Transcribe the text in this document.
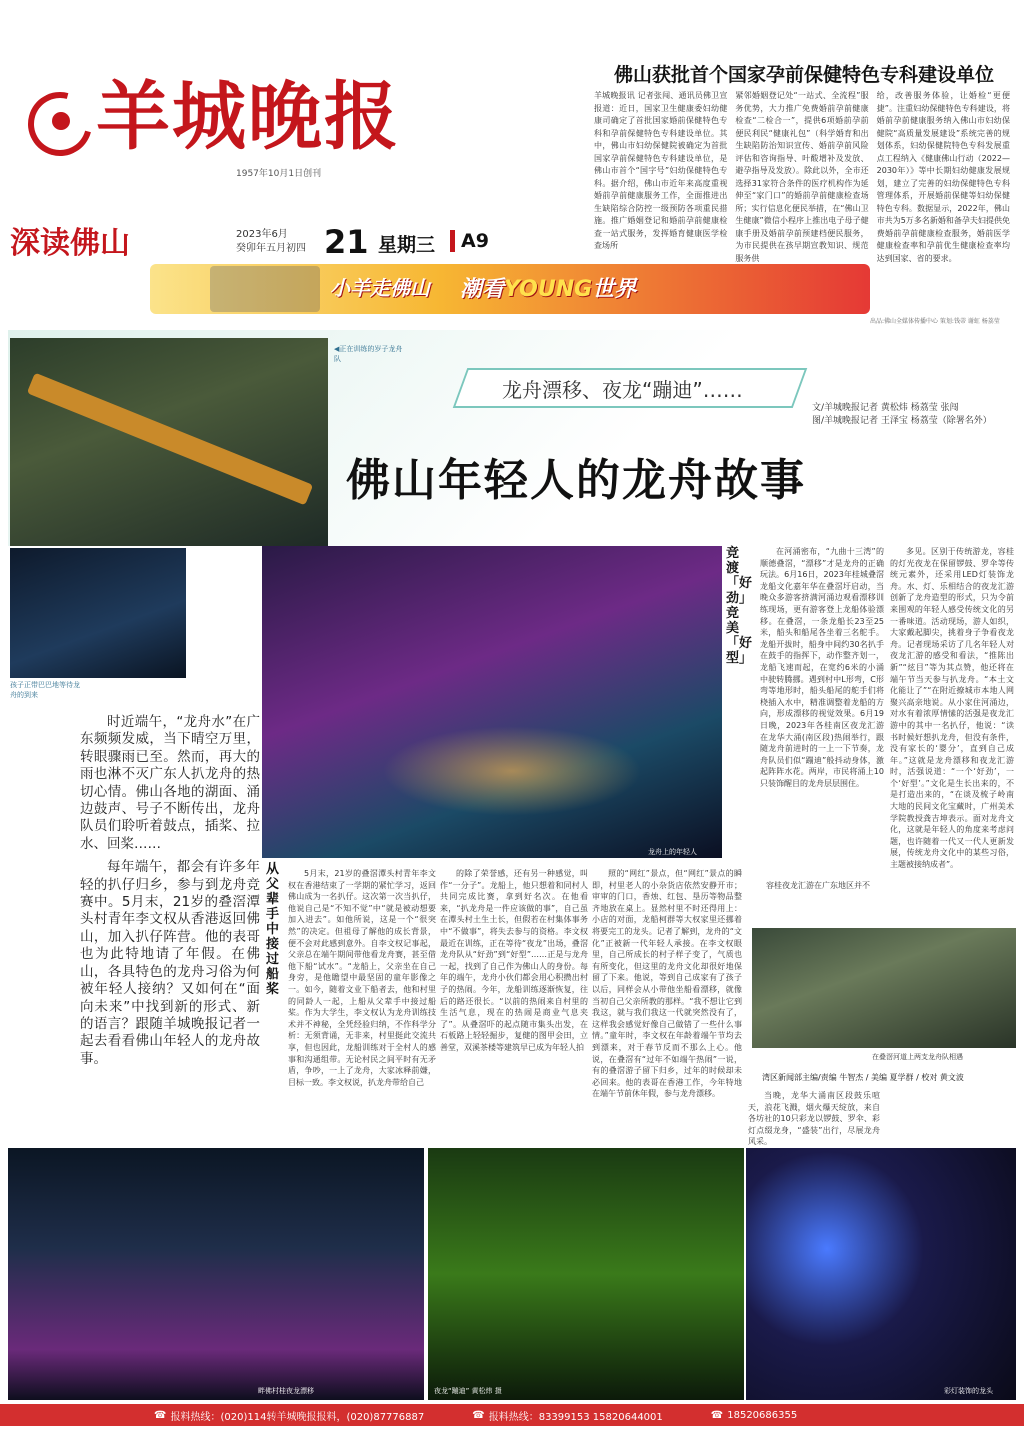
羊城晚报
1957年10月1日创刊
佛山获批首个国家孕前保健特色专科建设单位

羊城晚报讯 记者张闯、通讯员佛卫宣报道：近日，国家卫生健康委妇幼健康司确定了首批国家婚前保健特色专科和孕前保健特色专科建设单位。其中，佛山市妇幼保健院被确定为首批国家孕前保健特色专科建设单位，是佛山市首个“国字号”妇幼保健特色专科。据介绍，佛山市近年来高度重视婚前孕前健康服务工作，全面推进出生缺陷综合防控一级预防各项重民措施。推广婚姻登记和婚前孕前健康检查一站式服务，发挥婚育健康医学检查场所

紧邻婚姻登记处“一站式、全流程”服务优势，大力推广免费婚前孕前健康检查“二检合一”，提供6项婚前孕前便民利民“健康礼包”（科学婚育和出生缺陷防治知识宣传、婚前孕前风险评估和咨询指导、叶酸增补及发放、避孕指导及发放）。除此以外，全市还选择31家符合条件的医疗机构作为延伸至“家门口”的婚前孕前健康检查场所；实行信息化便民举措，在“佛山卫生健康”微信小程序上推出电子母子健康手册及婚前孕前预建档便民服务，为市民提供在孩早期宣教知识、规范服务供

给，改善服务体验，让婚检“更便捷”。注重妇幼保健特色专科建设，将婚前孕前健康服务纳入佛山市妇幼保健院“高质量发展建设”系统完善的规划体系，妇幼保健院特色专科发展重点工程纳入《健康佛山行动（2022—2030年）》等中长期妇幼健康发展规划，建立了完善的妇幼保健特色专科管理体系，开展婚前保健等妇幼保健特色专科。数据显示，2022年，佛山市共为5万多名新婚和备孕夫妇提供免费婚前孕前健康检查服务，婚前医学健康检查率和孕前优生健康检查率均达到国家、省的要求。

深读佛山	2023年6月
癸卯年五月初四 21 星期三	A9
小羊走佛山 潮看YOUNG世界
出品:佛山全媒体传播中心 策划:钱蒂 谢虹 杨荔莹
◀正在训练的岁子龙舟队
龙舟漂移、夜龙“蹦迪”……
文/羊城晚报记者 黄松炜 杨荔莹 张闯
图/羊城晚报记者 王泽宝 杨荔莹（除署名外）
佛山年轻人的龙舟故事
孩子正带巴巴地等待龙舟的到来
龙舟上的年轻人
竞渡「好劲」 竞美「好型」
从父辈手中接过船桨

时近端午，“龙舟水”在广东频频发威，当下晴空万里，转眼骤雨已至。然而，再大的雨也淋不灭广东人扒龙舟的热切心情。佛山各地的湖面、涌边鼓声、号子不断传出，龙舟队员们聆听着鼓点，插桨、拉水、回桨……

每年端午，都会有许多年轻的扒仔归乡，参与到龙舟竞赛中。5月末，21岁的叠滘潭头村青年李文权从香港返回佛山，加入扒仔阵营。他的表哥也为此特地请了年假。在佛山，各具特色的龙舟习俗为何被年轻人接纳？又如何在“面向未来”中找到新的形式、新的语言？跟随羊城晚报记者一起去看看佛山年轻人的龙舟故事。

5月末，21岁的叠滘潭头村青年李文权在香港结束了一学期的紧忙学习，返回佛山成为一名扒仔。这次第一次当扒仔，他说自己是“不知不觉”中“就是被动想要加入进去”。如他所说，这是一个“很突然”的决定。但祖母了解他的成长背景，便不会对此感到意外。自李文权记事起，父亲总在端午期间带他看龙舟赛，甚至借他下船“试水”。“龙船上，父亲坐在自己身旁，是他瞻望中最坚固的童年影像之一。如今，随着文业下船者去，他和村里的同龄人一起，上船从父辈手中接过船桨。作为大学生，李文权认为龙舟训练技术并不神秘，全凭经验归纳，不作科学分析：无须背诵，无非来，村里挺此交流共享，但也因此，龙船训练对于全村人的感事和沟通组带。无论村民之间平时有无矛盾，争吵，一上了龙舟，大家冰释前嫌，目标一致。李文权说，扒龙舟带给自己

的除了荣誉感，还有另一种感觉，叫作“一分子”。龙船上，他只想着和同村人共同完成比赛，拿到好名次。在他看来，“扒龙舟是一件应该做的事”，自己虽在潭头村土生土长，但假若在村集体事务中“不做事”，将失去参与的资格。李文权最近在训练，正在等待“夜龙”出场，叠滘龙舟队从“好劲”到“好型”……正是与龙舟一起，找到了自己作为佛山人的身份。每年的端午，龙舟小伙们都会用心积攒出村子的热闹。今年，龙船训练逐渐恢复，往后的路还很长。“以前的热闹来自村里的生活气息，现在的热闹是商业气息夹了”。从叠滘吓的起点随市集头出发，在石板路上轻轻掘步，复健的图甲会田，立善堂，双溪茶楼等建筑早已成为年轻人拍

照的“网红”景点，但“网红”景点的瞬即，村里老人的小杂货店依然安静开市；审审的门口，香烛、红包、垦历等物品整齐地放在桌上。显然村里不时还得用上：小店的对面，龙船柯群等大权家里还挪着将要完工的龙头。记者了解到，龙舟的“文化”正被新一代年轻人承接。在李文权眼里，自己所成长的村子样子变了，气质也有所变化，但这里的龙舟文化却很好地保留了下来。他说，等到自己成家有了孩子以后，同样会从小带他坐船看漂移，就像当初自己父亲所教的那样。“我不想让它到我这，就与我们我这一代就突然没有了，这样我会感觉好像自己做错了一些什么事情。”童年时，李文权在年龄着端午节均去到漂来，对于春节反而不那么上心。他说，在叠滘有“过年不如端午热闹”一说，有的叠滘游子留下归乡，过年的时候却未必回来。他的表哥在香港工作，今年特地在端午节前休年假，参与龙舟漂移。

在河涌密布，“九曲十三湾”的顺德叠滘，“漂移”才是龙舟的正确玩法。6月16日，2023年桂城叠滘龙船文化嘉年华在叠滘圩启动，当晚众多游客挤满河涌边观看漂移训练现场，更有游客登上龙船体验漂移。在叠滘，一条龙船长23至25米，船头和船尾各坐着三名舵手。龙船开拔时，船身中间约30名扒手在鼓手的指挥下，动作整齐划一，龙船飞速而起，在宽约6米的小涌中驶转腾挪。遇到村中L形弯，C形弯等地形时，船头船尾的舵手们将桡插入水中，精准调整着龙船的方向，形成漂移的视觉效果。6月19日晚，2023年各桂南区夜龙汇游在龙华大涌(南区段)热闹举行，跟随龙舟前进时的一上一下节奏，龙舟队员们似“蹦迪”般抖动身体，激起阵阵水花。两岸，市民将涌上10只装饰醒目的龙舟层层围住。

多见。区别于传统游龙，容桂的灯光夜龙在保留锣鼓、罗伞等传统元素外，还采用LED灯装饰龙舟。水、灯、乐相结合的夜龙汇游创新了龙舟造型的形式，只为令前来围观的年轻人感受传统文化的另一番味道。活动现场，游人如织，大家戴起脚尖，挑着身子争看夜龙舟。记者现场采访了几名年轻人对夜龙汇游的感受和看法，“推陈出新”“炫目”等为其点赞，他还将在端午节当天参与扒龙舟。“本土文化能让了”“在附近撩城市本地人网聚兴高亲地说。从小家住河涌边，对水有着浓厚情愫的活强是夜龙汇游中的其中一名扒仔，他说：“读书时候好想扒龙舟，但没有条件，没有家长的‘婴分’，直到自己成年。”这就是龙舟漂移和夜龙汇游时，活强说道：“一个‘好劲’，一个‘好型’。”文化是生长出来的，不是打造出来的，“在谈及梳子岭南大地的民间文化宝藏时，广州美术学院教授龚吉坤表示。面对龙舟文化，这就是年轻人的角度来考虑问题，也许随着一代又一代人更新发展，传统龙舟文化中的某些习俗，主题被接纳成者”。

容桂夜龙汇游在广东地区并不

在叠滘河道上两支龙舟队相遇
湾区新闻部主编/责编 牛智杰 / 美编 夏学群 / 校对 黄文波

当晚，龙华大涌南区段鼓乐喧天，浪花飞溅，烟火爆天绽放，来自各坊社的10只彩龙以锣鼓、罗伞、彩灯点缀龙身，“盛装”出行，尽展龙舟风采。

畔佛村桂夜龙漂移	夜龙“蹦迪” 黄松炜 摄	彩灯装饰的龙头
☎ 报料热线：(020)114转羊城晚报报料，(020)87776887	☎ 报料热线：83399153 15820644001	☎ 18520686355
